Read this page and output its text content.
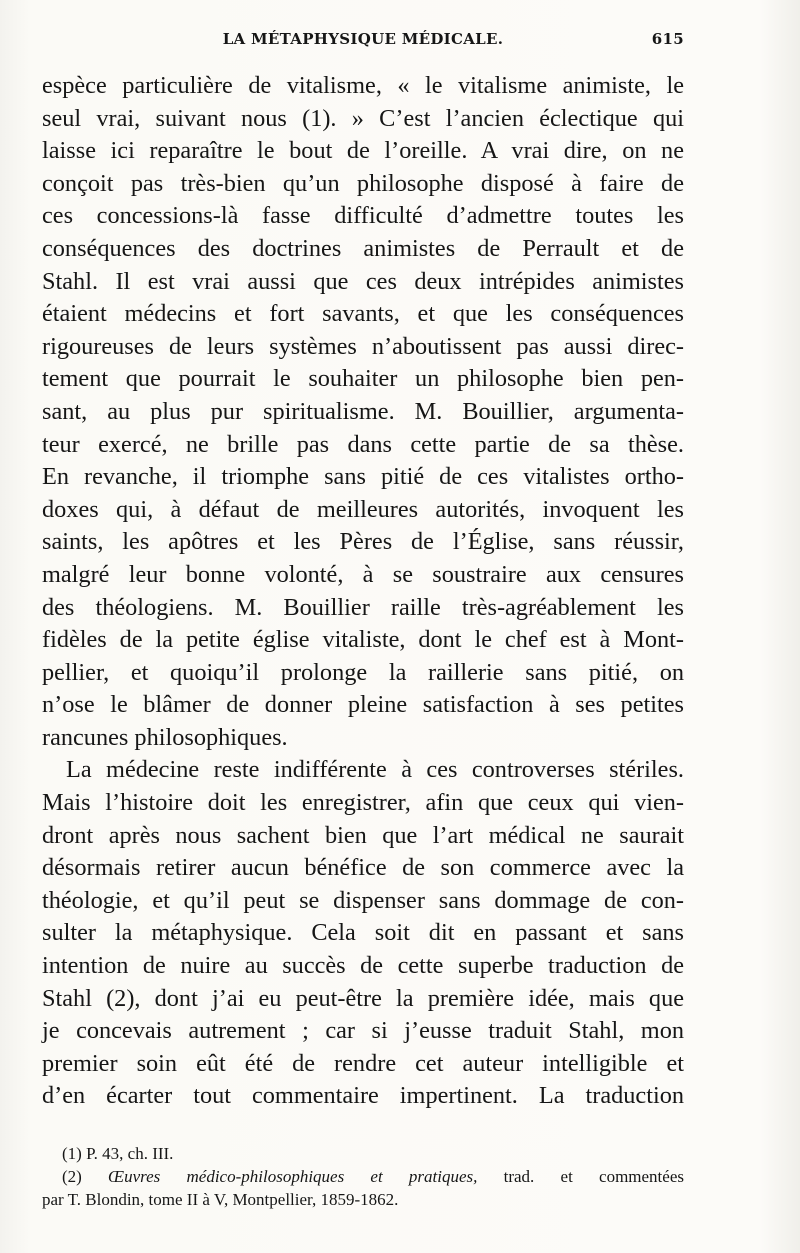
LA MÉTAPHYSIQUE MÉDICALE.	615
espèce particulière de vitalisme, « le vitalisme animiste, le
seul vrai, suivant nous (1). » C’est l’ancien éclectique qui
laisse ici reparaître le bout de l’oreille. A vrai dire, on ne
conçoit pas très-bien qu’un philosophe disposé à faire de
ces concessions-là fasse difficulté d’admettre toutes les
conséquences des doctrines animistes de Perrault et de
Stahl. Il est vrai aussi que ces deux intrépides animistes
étaient médecins et fort savants, et que les conséquences
rigoureuses de leurs systèmes n’aboutissent pas aussi direc-
tement que pourrait le souhaiter un philosophe bien pen-
sant, au plus pur spiritualisme. M. Bouillier, argumenta-
teur exercé, ne brille pas dans cette partie de sa thèse.
En revanche, il triomphe sans pitié de ces vitalistes ortho-
doxes qui, à défaut de meilleures autorités, invoquent les
saints, les apôtres et les Pères de l’Église, sans réussir,
malgré leur bonne volonté, à se soustraire aux censures
des théologiens. M. Bouillier raille très-agréablement les
fidèles de la petite église vitaliste, dont le chef est à Mont-
pellier, et quoiqu’il prolonge la raillerie sans pitié, on
n’ose le blâmer de donner pleine satisfaction à ses petites
rancunes philosophiques.
La médecine reste indifférente à ces controverses stériles.
Mais l’histoire doit les enregistrer, afin que ceux qui vien-
dront après nous sachent bien que l’art médical ne saurait
désormais retirer aucun bénéfice de son commerce avec la
théologie, et qu’il peut se dispenser sans dommage de con-
sulter la métaphysique. Cela soit dit en passant et sans
intention de nuire au succès de cette superbe traduction de
Stahl (2), dont j’ai eu peut-être la première idée, mais que
je concevais autrement ; car si j’eusse traduit Stahl, mon
premier soin eût été de rendre cet auteur intelligible et
d’en écarter tout commentaire impertinent. La traduction
(1) P. 43, ch. III.
(2) Œuvres médico-philosophiques et pratiques, trad. et commentées
par T. Blondin, tome II à V, Montpellier, 1859-1862.
